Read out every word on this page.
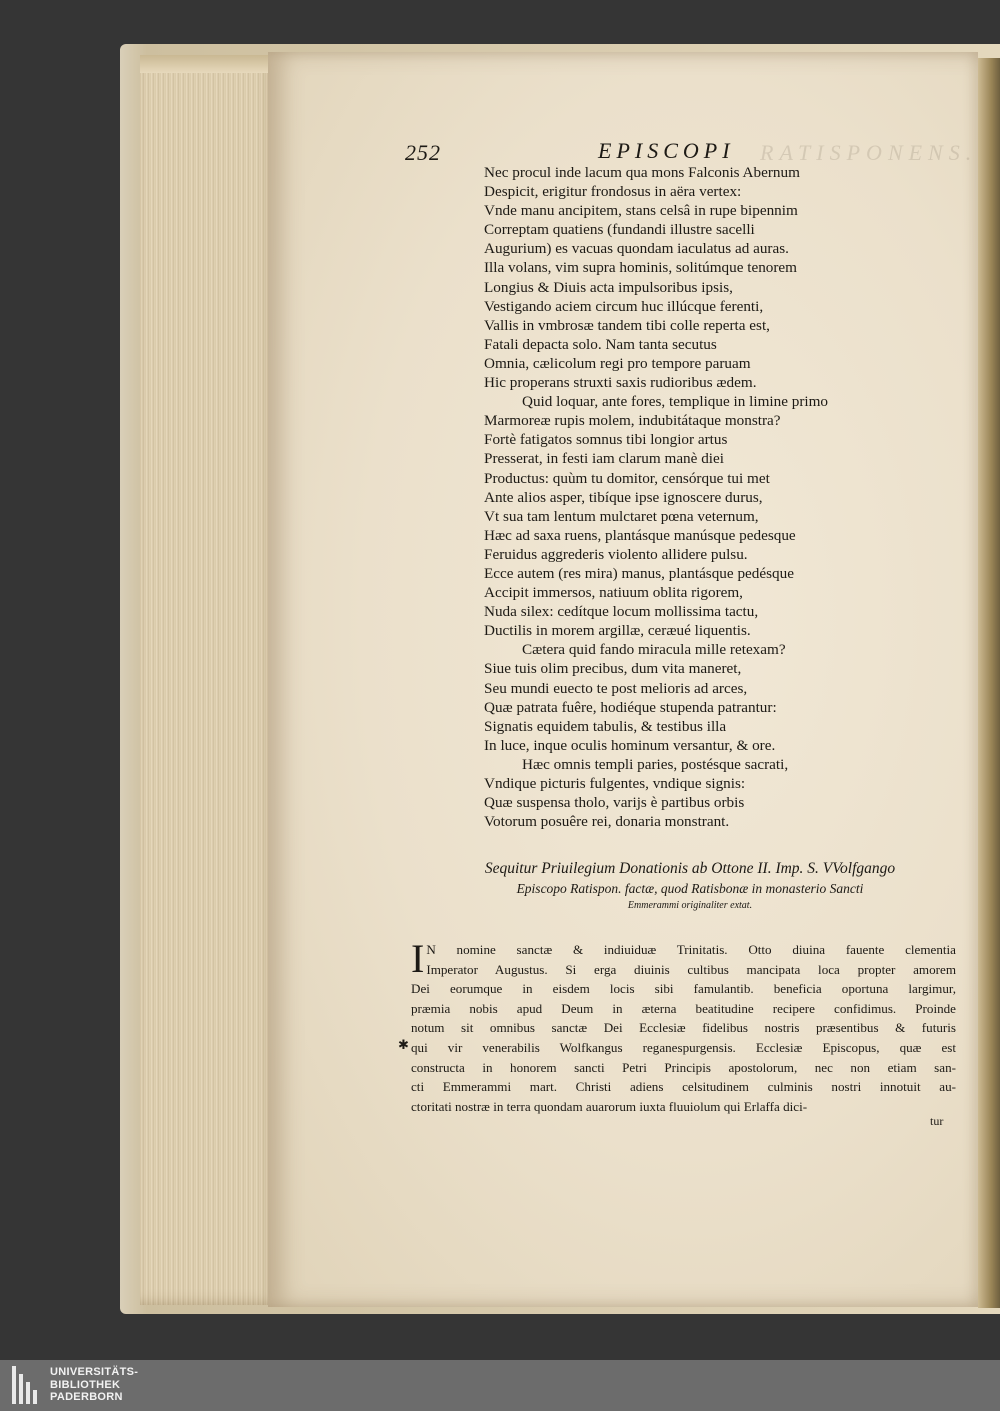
RATISPONENS.
252	EPISCOPI
Nec procul inde lacum qua mons Falconis Abernum
Despicit, erigitur frondosus in aëra vertex:
Vnde manu ancipitem, stans celsâ in rupe bipennim
Correptam quatiens (fundandi illustre sacelli
Augurium) es vacuas quondam iaculatus ad auras.
Illa volans, vim supra hominis, solitúmque tenorem
Longius & Diuis acta impulsoribus ipsis,
Vestigando aciem circum huc illúcque ferenti,
Vallis in vmbrosæ tandem tibi colle reperta est,
Fatali depacta solo. Nam tanta secutus
Omnia, cælicolum regi pro tempore paruam
Hic properans struxti saxis rudioribus ædem.
Quid loquar, ante fores, templique in limine primo
Marmoreæ rupis molem, indubitátaque monstra?
Fortè fatigatos somnus tibi longior artus
Presserat, in festi iam clarum manè diei
Productus: quùm tu domitor, censórque tui met
Ante alios asper, tibíque ipse ignoscere durus,
Vt sua tam lentum mulctaret pœna veternum,
Hæc ad saxa ruens, plantásque manúsque pedesque
Feruidus aggrederis violento allidere pulsu.
Ecce autem (res mira) manus, plantásque pedésque
Accipit immersos, natiuum oblita rigorem,
Nuda silex: cedítque locum mollissima tactu,
Ductilis in morem argillæ, ceræué liquentis.
Cætera quid fando miracula mille retexam?
Siue tuis olim precibus, dum vita maneret,
Seu mundi euecto te post melioris ad arces,
Quæ patrata fuêre, hodiéque stupenda patrantur:
Signatis equidem tabulis, & testibus illa
In luce, inque oculis hominum versantur, & ore.
Hæc omnis templi paries, postésque sacrati,
Vndique picturis fulgentes, vndique signis:
Quæ suspensa tholo, varijs è partibus orbis
Votorum posuêre rei, donaria monstrant.
Sequitur Priuilegium Donationis ab Ottone II. Imp. S. VVolfgango
Episcopo Ratispon. factæ, quod Ratisbonæ in monasterio Sancti
Emmerammi originaliter extat.
✱
I N nomine sanctæ & indiuiduæ Trinitatis. Otto diuina fauente clementia
Imperator Augustus. Si erga diuinis cultibus mancipata loca propter amorem
Dei eorumque in eisdem locis sibi famulantib. beneficia oportuna largimur,
præmia nobis apud Deum in æterna beatitudine recipere confidimus. Proinde
notum sit omnibus sanctæ Dei Ecclesiæ fidelibus nostris præsentibus & futuris
qui vir venerabilis Wolfkangus reganespurgensis. Ecclesiæ Episcopus, quæ est
constructa in honorem sancti Petri Principis apostolorum, nec non etiam san-
cti Emmerammi mart. Christi adiens celsitudinem culminis nostri innotuit au-
ctoritati nostræ in terra quondam auarorum iuxta fluuiolum qui Erlaffa dici-
tur
UNIVERSITÄTS-
BIBLIOTHEK
PADERBORN
